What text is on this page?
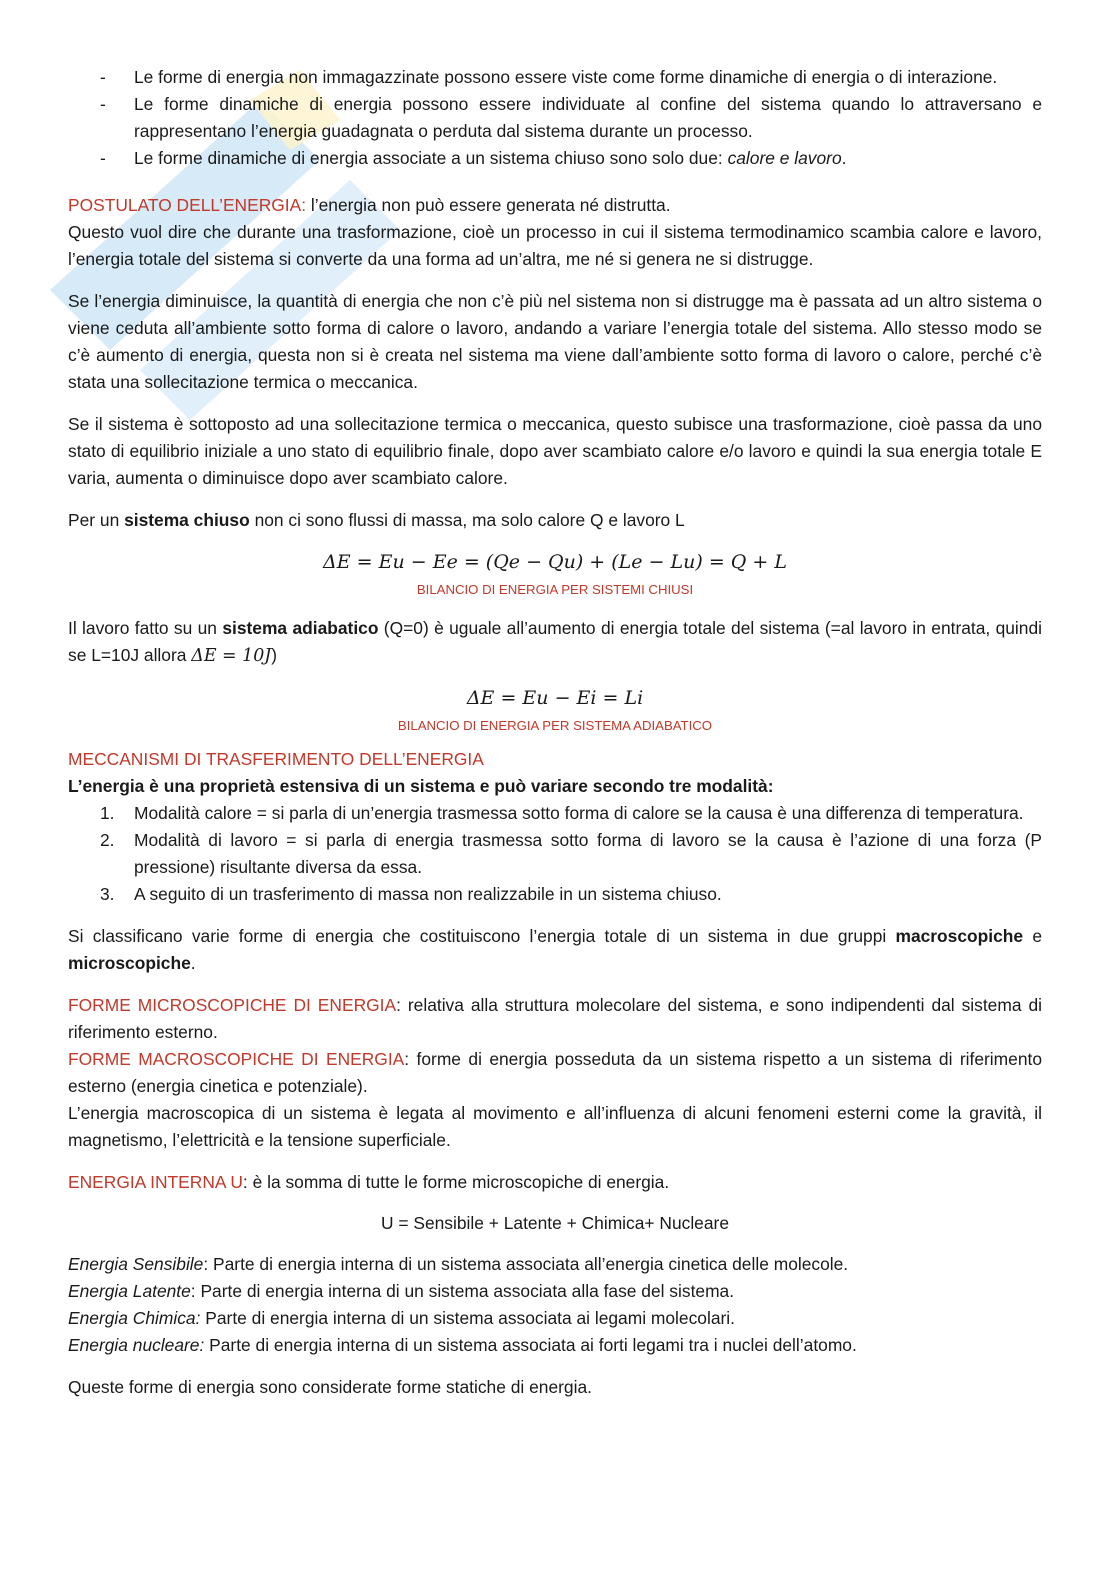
- Le forme di energia non immagazzinate possono essere viste come forme dinamiche di energia o di interazione.
- Le forme dinamiche di energia possono essere individuate al confine del sistema quando lo attraversano e rappresentano l’energia guadagnata o perduta dal sistema durante un processo.
- Le forme dinamiche di energia associate a un sistema chiuso sono solo due: calore e lavoro.

POSTULATO DELL’ENERGIA: l’energia non può essere generata né distrutta.

Questo vuol dire che durante una trasformazione, cioè un processo in cui il sistema termodinamico scambia calore e lavoro, l’energia totale del sistema si converte da una forma ad un’altra, me né si genera ne si distrugge.

Se l’energia diminuisce, la quantità di energia che non c’è più nel sistema non si distrugge ma è passata ad un altro sistema o viene ceduta all’ambiente sotto forma di calore o lavoro, andando a variare l’energia totale del sistema. Allo stesso modo se c’è aumento di energia, questa non si è creata nel sistema ma viene dall’ambiente sotto forma di lavoro o calore, perché c’è stata una sollecitazione termica o meccanica.

Se il sistema è sottoposto ad una sollecitazione termica o meccanica, questo subisce una trasformazione, cioè passa da uno stato di equilibrio iniziale a uno stato di equilibrio finale, dopo aver scambiato calore e/o lavoro e quindi la sua energia totale E varia, aumenta o diminuisce dopo aver scambiato calore.

Per un sistema chiuso non ci sono flussi di massa, ma solo calore Q e lavoro L

ΔE = Eu − Ee = (Qe − Qu) + (Le − Lu) = Q + L

BILANCIO DI ENERGIA PER SISTEMI CHIUSI

Il lavoro fatto su un sistema adiabatico (Q=0) è uguale all’aumento di energia totale del sistema (=al lavoro in entrata, quindi se L=10J allora ΔE = 10J)

ΔE = Eu − Ei = Li

BILANCIO DI ENERGIA PER SISTEMA ADIABATICO

MECCANISMI DI TRASFERIMENTO DELL’ENERGIA

L’energia è una proprietà estensiva di un sistema e può variare secondo tre modalità:

1. Modalità calore = si parla di un’energia trasmessa sotto forma di calore se la causa è una differenza di temperatura.
2. Modalità di lavoro = si parla di energia trasmessa sotto forma di lavoro se la causa è l’azione di una forza (P pressione) risultante diversa da essa.
3. A seguito di un trasferimento di massa non realizzabile in un sistema chiuso.

Si classificano varie forme di energia che costituiscono l’energia totale di un sistema in due gruppi macroscopiche e microscopiche.

FORME MICROSCOPICHE DI ENERGIA: relativa alla struttura molecolare del sistema, e sono indipendenti dal sistema di riferimento esterno.

FORME MACROSCOPICHE DI ENERGIA: forme di energia posseduta da un sistema rispetto a un sistema di riferimento esterno (energia cinetica e potenziale).

L’energia macroscopica di un sistema è legata al movimento e all’influenza di alcuni fenomeni esterni come la gravità, il magnetismo, l’elettricità e la tensione superficiale.

ENERGIA INTERNA U: è la somma di tutte le forme microscopiche di energia.

U = Sensibile + Latente + Chimica+ Nucleare

Energia Sensibile: Parte di energia interna di un sistema associata all’energia cinetica delle molecole.

Energia Latente: Parte di energia interna di un sistema associata alla fase del sistema.

Energia Chimica: Parte di energia interna di un sistema associata ai legami molecolari.

Energia nucleare: Parte di energia interna di un sistema associata ai forti legami tra i nuclei dell’atomo.

Queste forme di energia sono considerate forme statiche di energia.
